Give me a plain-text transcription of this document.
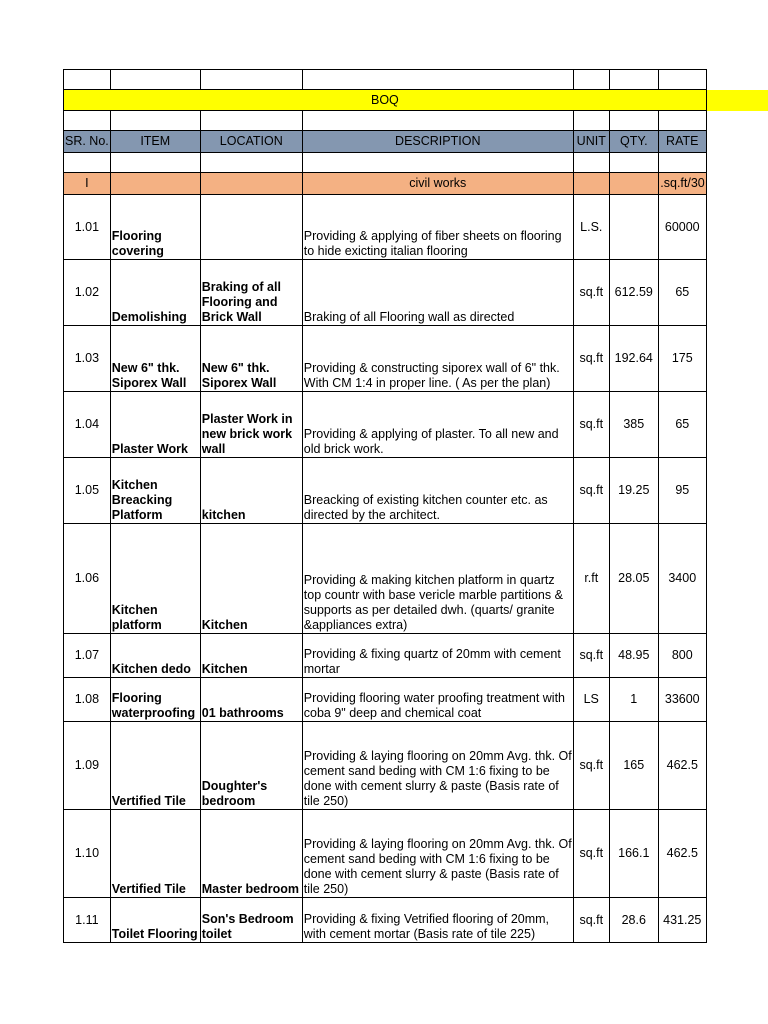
BOQ						

SR. No.	ITEM	LOCATION	DESCRIPTION	UNIT	QTY.	RATE

I			civil works			30/sq.ft.
1.01	Flooring covering		Providing & applying of fiber sheets on flooring to hide exicting italian flooring	L.S.		60000
1.02	Demolishing	Braking of all Flooring and Brick Wall	Braking of all Flooring wall as directed	sq.ft	612.59	65
1.03	New 6" thk. Siporex Wall	New 6" thk. Siporex Wall	Providing & constructing siporex wall of 6" thk. With CM 1:4 in proper line. ( As per the plan)	sq.ft	192.64	175
1.04	Plaster Work	Plaster Work in new brick work wall	Providing & applying of plaster. To all new and old brick work.	sq.ft	385	65
1.05	Kitchen Breacking Platform	kitchen	Breacking of existing kitchen counter etc. as directed by the architect.	sq.ft	19.25	95
1.06	Kitchen platform	Kitchen	Providing & making kitchen platform in quartz top countr with base vericle marble partitions & supports as per detailed dwh. (quarts/ granite &appliances extra)	r.ft	28.05	3400
1.07	Kitchen dedo	Kitchen	Providing & fixing quartz of 20mm with cement mortar	sq.ft	48.95	800
1.08	Flooring waterproofing	01 bathrooms	Providing flooring water proofing treatment with coba 9" deep and chemical coat	LS	1	33600
1.09	Vertified Tile	Doughter's bedroom	Providing & laying flooring on 20mm Avg. thk. Of cement sand beding with CM 1:6 fixing to be done with cement slurry & paste (Basis rate of tile 250)	sq.ft	165	462.5
1.10	Vertified Tile	Master bedroom	Providing & laying flooring on 20mm Avg. thk. Of cement sand beding with CM 1:6 fixing to be done with cement slurry & paste (Basis rate of tile 250)	sq.ft	166.1	462.5
1.11	Toilet Flooring	Son's Bedroom toilet	Providing & fixing Vetrified flooring of 20mm, with cement mortar (Basis rate of tile 225)	sq.ft	28.6	431.25
